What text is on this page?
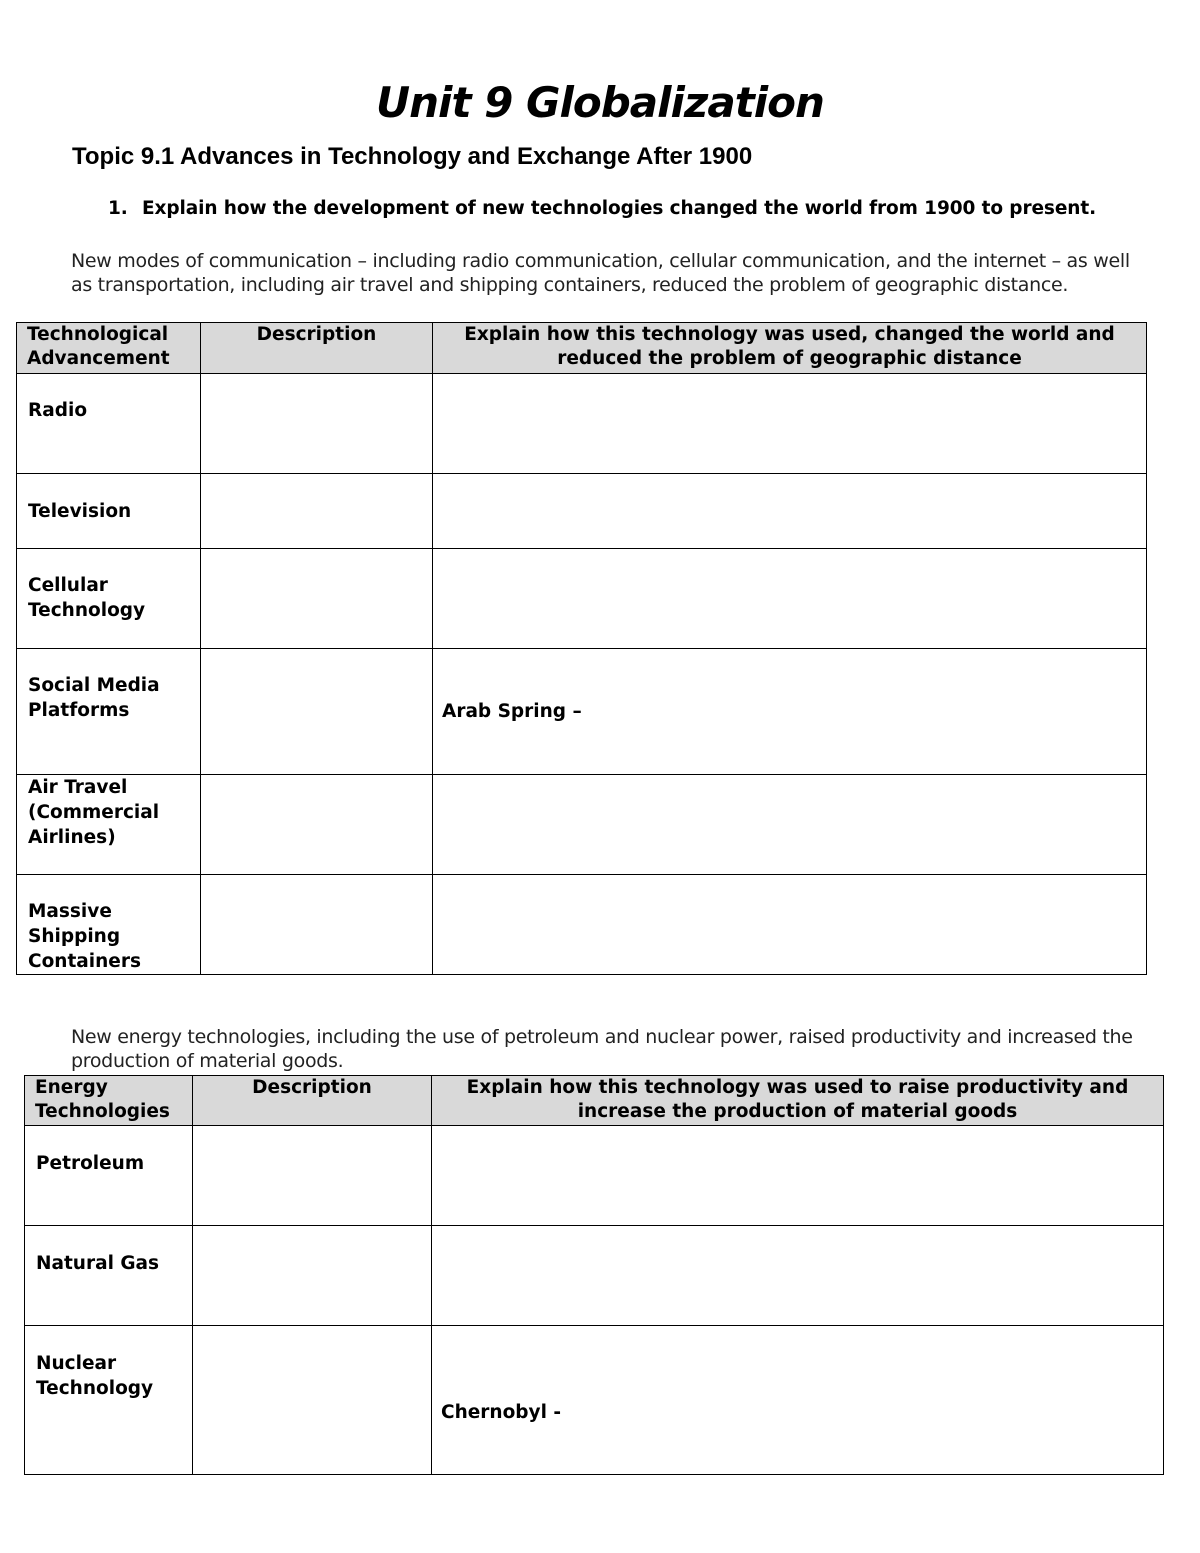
Unit 9 Globalization
Topic 9.1 Advances in Technology and Exchange After 1900
1. Explain how the development of new technologies changed the world from 1900 to present.
New modes of communication – including radio communication, cellular communication, and the internet – as well as transportation, including air travel and shipping containers, reduced the problem of geographic distance.
Technological Advancement	Description	Explain how this technology was used, changed the world and reduced the problem of geographic distance
Radio		
Television		
Cellular Technology		
Social Media Platforms		Arab Spring –
Air Travel (Commercial Airlines)		
Massive Shipping Containers		
New energy technologies, including the use of petroleum and nuclear power, raised productivity and increased the production of material goods.
Energy Technologies	Description	Explain how this technology was used to raise productivity and increase the production of material goods
Petroleum		
Natural Gas		
Nuclear Technology		Chernobyl -
